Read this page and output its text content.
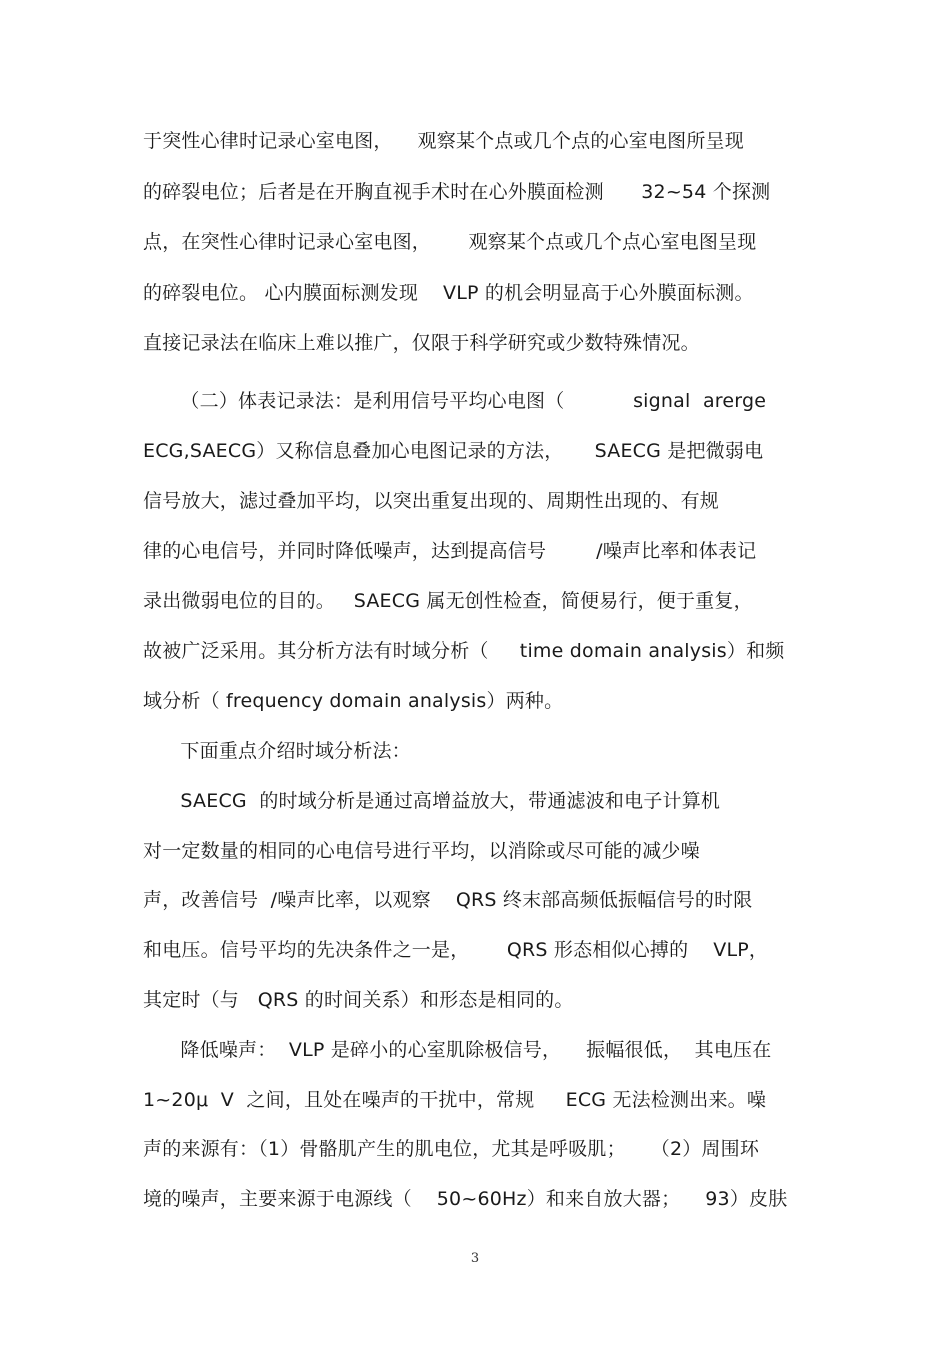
于突性心律时记录心室电图，    观察某个点或几个点的心室电图所呈现
的碎裂电位；后者是在开胸直视手术时在心外膜面检测      32~54 个探测
点，在突性心律时记录心室电图，      观察某个点或几个点心室电图呈现
的碎裂电位。 心内膜面标测发现    VLP 的机会明显高于心外膜面标测。
直接记录法在临床上难以推广，仅限于科学研究或少数特殊情况。
（二）体表记录法：是利用信号平均心电图（           signal  arerge
ECG,SAECG）又称信息叠加心电图记录的方法，     SAECG 是把微弱电
信号放大，滤过叠加平均，以突出重复出现的、周期性出现的、有规
律的心电信号，并同时降低噪声，达到提高信号        /噪声比率和体表记
录出微弱电位的目的。   SAECG 属无创性检查，简便易行，便于重复，
故被广泛采用。其分析方法有时域分析（     time domain analysis）和频
域分析（ frequency domain analysis）两种。
下面重点介绍时域分析法：
SAECG  的时域分析是通过高增益放大，带通滤波和电子计算机
对一定数量的相同的心电信号进行平均，以消除或尽可能的减少噪
声，改善信号  /噪声比率，以观察    QRS 终末部高频低振幅信号的时限
和电压。信号平均的先决条件之一是，      QRS 形态相似心搏的    VLP，
其定时（与   QRS 的时间关系）和形态是相同的。
降低噪声：  VLP 是碎小的心室肌除极信号，    振幅很低，  其电压在
1~20μ  V  之间，且处在噪声的干扰中，常规     ECG 无法检测出来。噪
声的来源有：（1）骨骼肌产生的肌电位，尤其是呼吸肌；    （2）周围环
境的噪声，主要来源于电源线（    50~60Hz）和来自放大器；    93）皮肤
3
